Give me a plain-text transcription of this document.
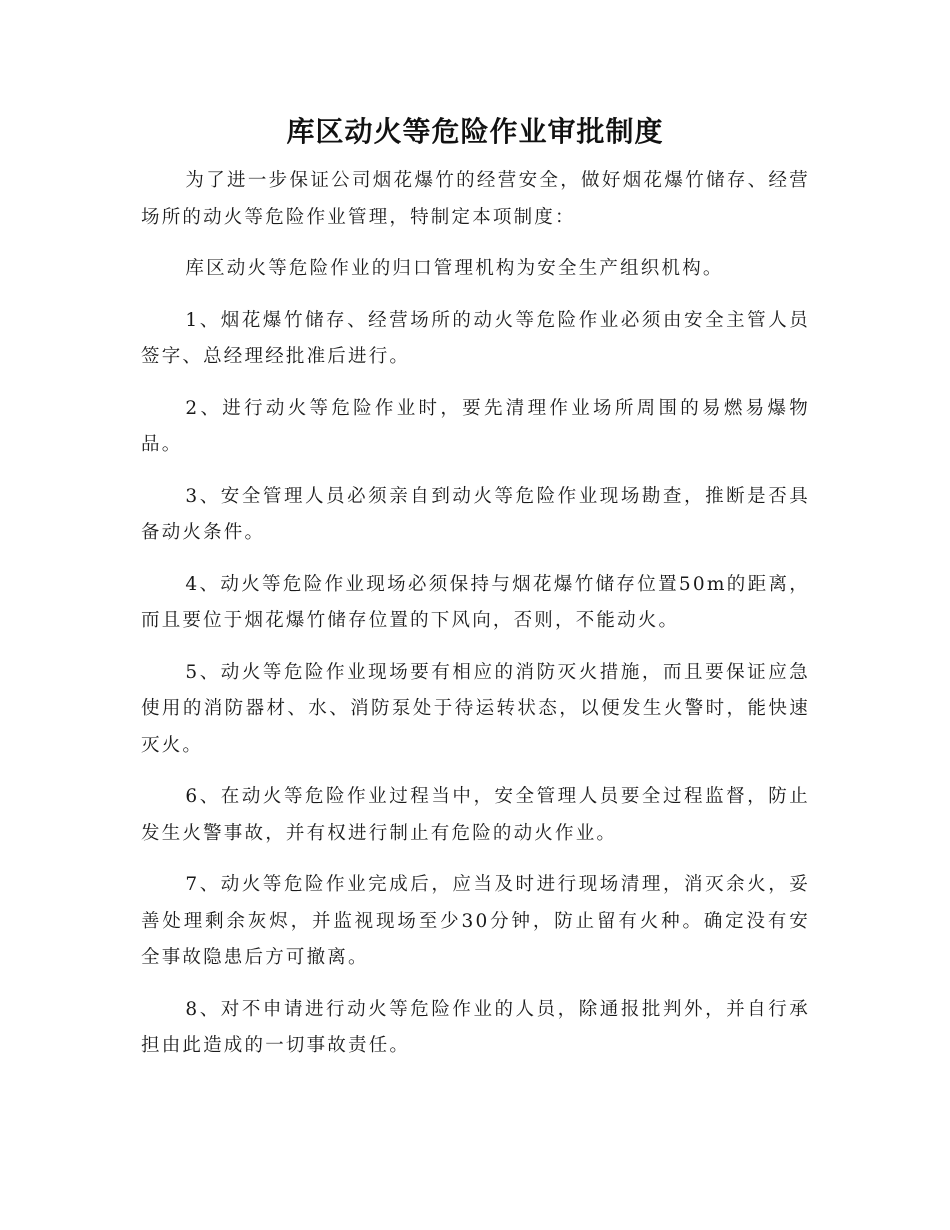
库区动火等危险作业审批制度

为了进一步保证公司烟花爆竹的经营安全，做好烟花爆竹储存、经营场所的动火等危险作业管理，特制定本项制度：

库区动火等危险作业的归口管理机构为安全生产组织机构。

1、烟花爆竹储存、经营场所的动火等危险作业必须由安全主管人员签字、总经理经批准后进行。

2、进行动火等危险作业时，要先清理作业场所周围的易燃易爆物品。

3、安全管理人员必须亲自到动火等危险作业现场勘查，推断是否具备动火条件。

4、动火等危险作业现场必须保持与烟花爆竹储存位置50m的距离，而且要位于烟花爆竹储存位置的下风向，否则，不能动火。

5、动火等危险作业现场要有相应的消防灭火措施，而且要保证应急使用的消防器材、水、消防泵处于待运转状态，以便发生火警时，能快速灭火。

6、在动火等危险作业过程当中，安全管理人员要全过程监督，防止发生火警事故，并有权进行制止有危险的动火作业。

7、动火等危险作业完成后，应当及时进行现场清理，消灭余火，妥善处理剩余灰烬，并监视现场至少30分钟，防止留有火种。确定没有安全事故隐患后方可撤离。

8、对不申请进行动火等危险作业的人员，除通报批判外，并自行承担由此造成的一切事故责任。
